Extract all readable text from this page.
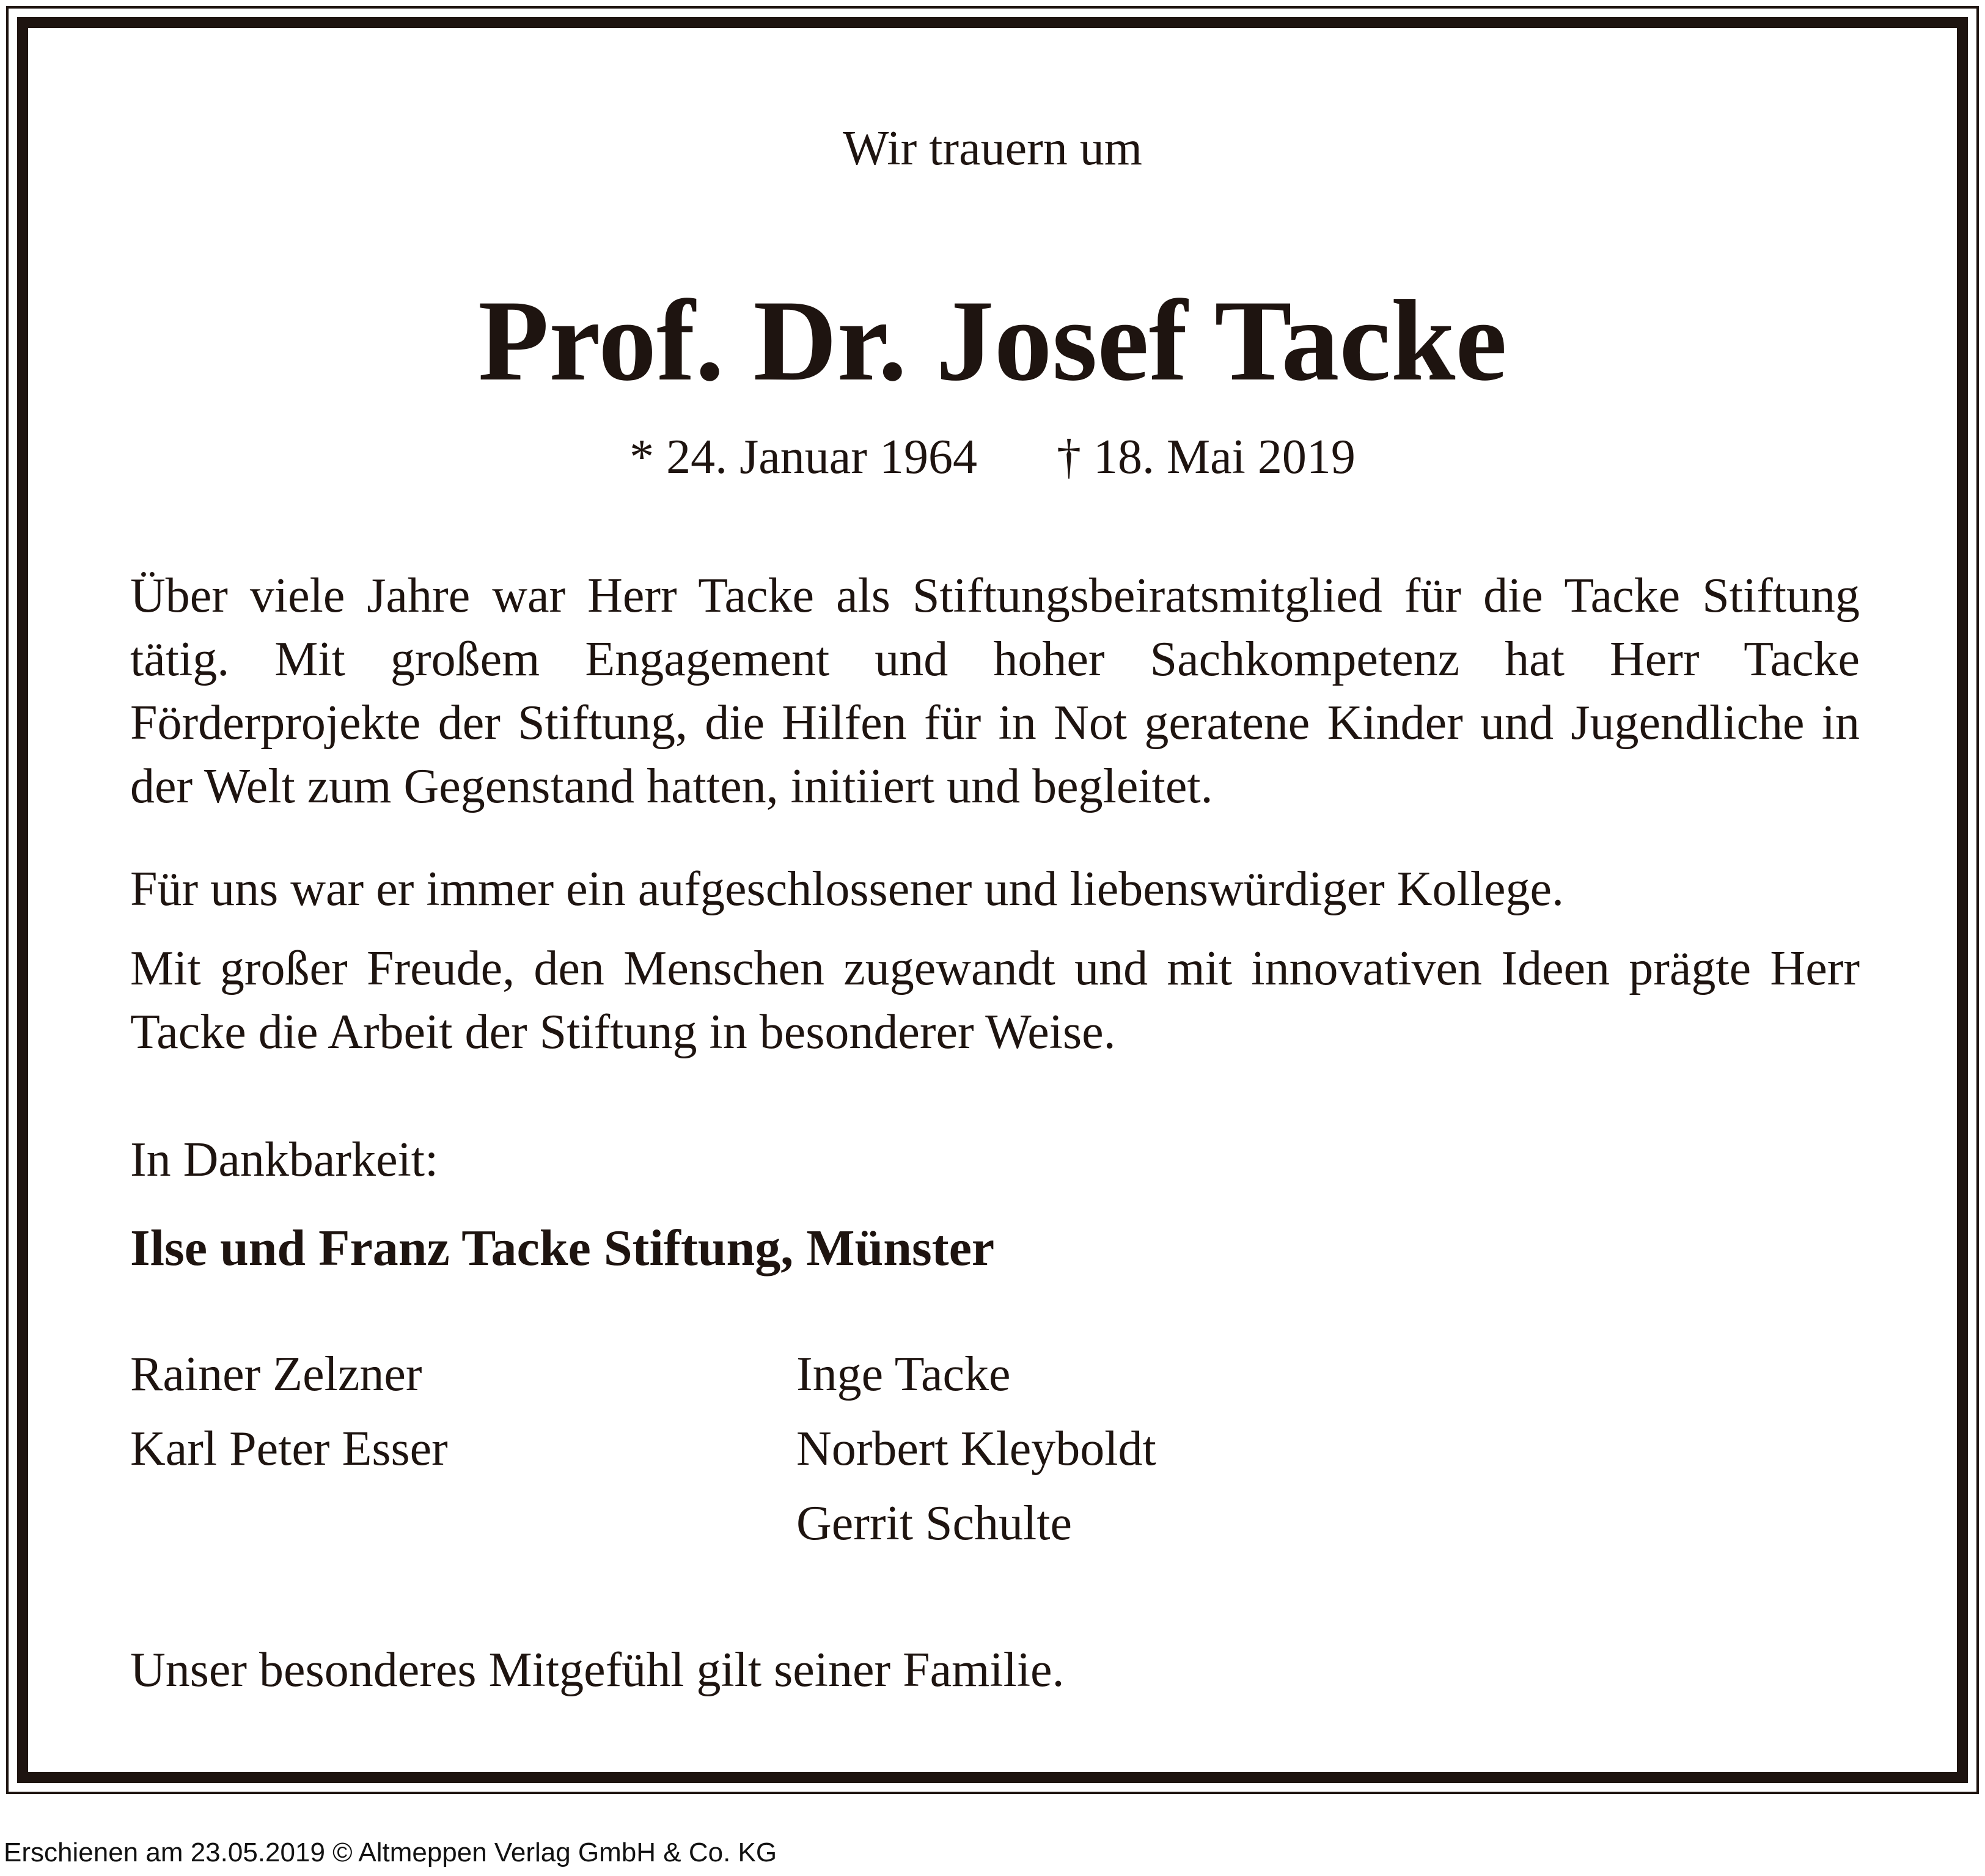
Wir trauern um
Prof. Dr. Josef Tacke
* 24. Januar 1964 † 18. Mai 2019

Über viele Jahre war Herr Tacke als Stiftungsbeiratsmitglied für die Tacke Stiftung tätig. Mit großem Engagement und hoher Sachkompetenz hat Herr Tacke Förderprojekte der Stiftung, die Hilfen für in Not geratene Kinder und Jugendliche in der Welt zum Gegenstand hatten, initiiert und begleitet.

Für uns war er immer ein aufgeschlossener und liebenswürdiger Kollege.

Mit großer Freude, den Menschen zugewandt und mit innovativen Ideen prägte Herr Tacke die Arbeit der Stiftung in besonderer Weise.

In Dankbarkeit:
Ilse und Franz Tacke Stiftung, Münster
Rainer Zelzner
Karl Peter Esser
Inge Tacke
Norbert Kleyboldt
Gerrit Schulte
Unser besonderes Mitgefühl gilt seiner Familie.
Erschienen am 23.05.2019 © Altmeppen Verlag GmbH & Co. KG
